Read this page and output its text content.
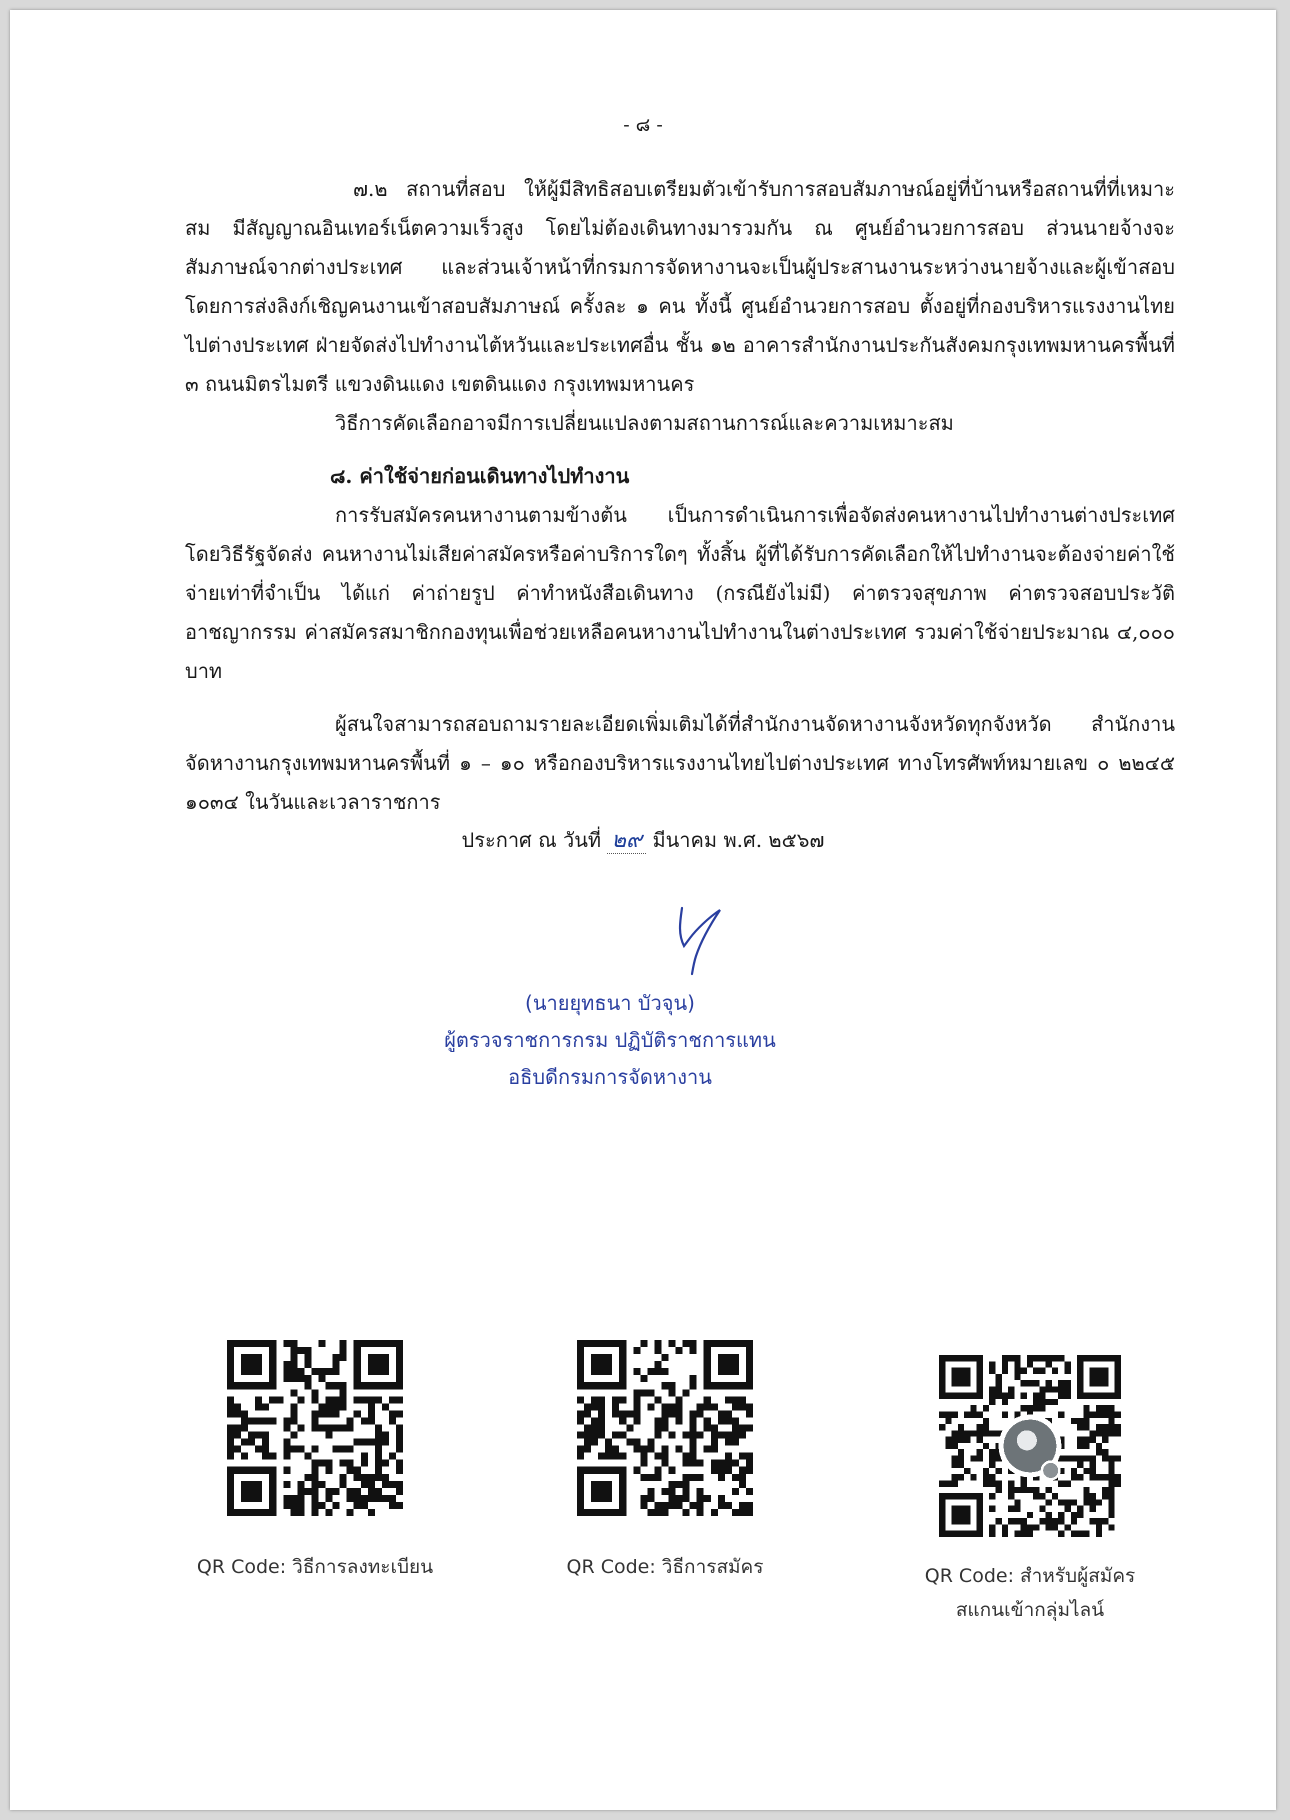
- ๘ -

๗.๒ สถานที่สอบ ให้ผู้มีสิทธิสอบเตรียมตัวเข้ารับการสอบสัมภาษณ์อยู่ที่บ้านหรือสถานที่ที่เหมาะสม มีสัญญาณอินเทอร์เน็ตความเร็วสูง โดยไม่ต้องเดินทางมารวมกัน ณ ศูนย์อำนวยการสอบ ส่วนนายจ้างจะสัมภาษณ์จากต่างประเทศ และส่วนเจ้าหน้าที่กรมการจัดหางานจะเป็นผู้ประสานงานระหว่างนายจ้างและผู้เข้าสอบ โดยการส่งลิงก์เชิญคนงานเข้าสอบสัมภาษณ์ ครั้งละ ๑ คน ทั้งนี้ ศูนย์อำนวยการสอบ ตั้งอยู่ที่กองบริหารแรงงานไทยไปต่างประเทศ ฝ่ายจัดส่งไปทำงานไต้หวันและประเทศอื่น ชั้น ๑๒ อาคารสำนักงานประกันสังคมกรุงเทพมหานครพื้นที่ ๓ ถนนมิตรไมตรี แขวงดินแดง เขตดินแดง กรุงเทพมหานคร

วิธีการคัดเลือกอาจมีการเปลี่ยนแปลงตามสถานการณ์และความเหมาะสม

๘. ค่าใช้จ่ายก่อนเดินทางไปทำงาน

การรับสมัครคนหางานตามข้างต้น เป็นการดำเนินการเพื่อจัดส่งคนหางานไปทำงานต่างประเทศโดยวิธีรัฐจัดส่ง คนหางานไม่เสียค่าสมัครหรือค่าบริการใดๆ ทั้งสิ้น ผู้ที่ได้รับการคัดเลือกให้ไปทำงานจะต้องจ่ายค่าใช้จ่ายเท่าที่จำเป็น ได้แก่ ค่าถ่ายรูป ค่าทำหนังสือเดินทาง (กรณียังไม่มี) ค่าตรวจสุขภาพ ค่าตรวจสอบประวัติอาชญากรรม ค่าสมัครสมาชิกกองทุนเพื่อช่วยเหลือคนหางานไปทำงานในต่างประเทศ รวมค่าใช้จ่ายประมาณ ๔,๐๐๐ บาท

ผู้สนใจสามารถสอบถามรายละเอียดเพิ่มเติมได้ที่สำนักงานจัดหางานจังหวัดทุกจังหวัด สำนักงานจัดหางานกรุงเทพมหานครพื้นที่ ๑ – ๑๐ หรือกองบริหารแรงงานไทยไปต่างประเทศ ทางโทรศัพท์หมายเลข ๐ ๒๒๔๕ ๑๐๓๔ ในวันและเวลาราชการ

ประกาศ ณ วันที่ ๒๙ มีนาคม พ.ศ. ๒๕๖๗
(นายยุทธนา บัวจุน)
ผู้ตรวจราชการกรม ปฏิบัติราชการแทน
อธิบดีกรมการจัดหางาน
QR Code: วิธีการลงทะเบียน	QR Code: วิธีการสมัคร	QR Code: สำหรับผู้สมัคร
สแกนเข้ากลุ่มไลน์
